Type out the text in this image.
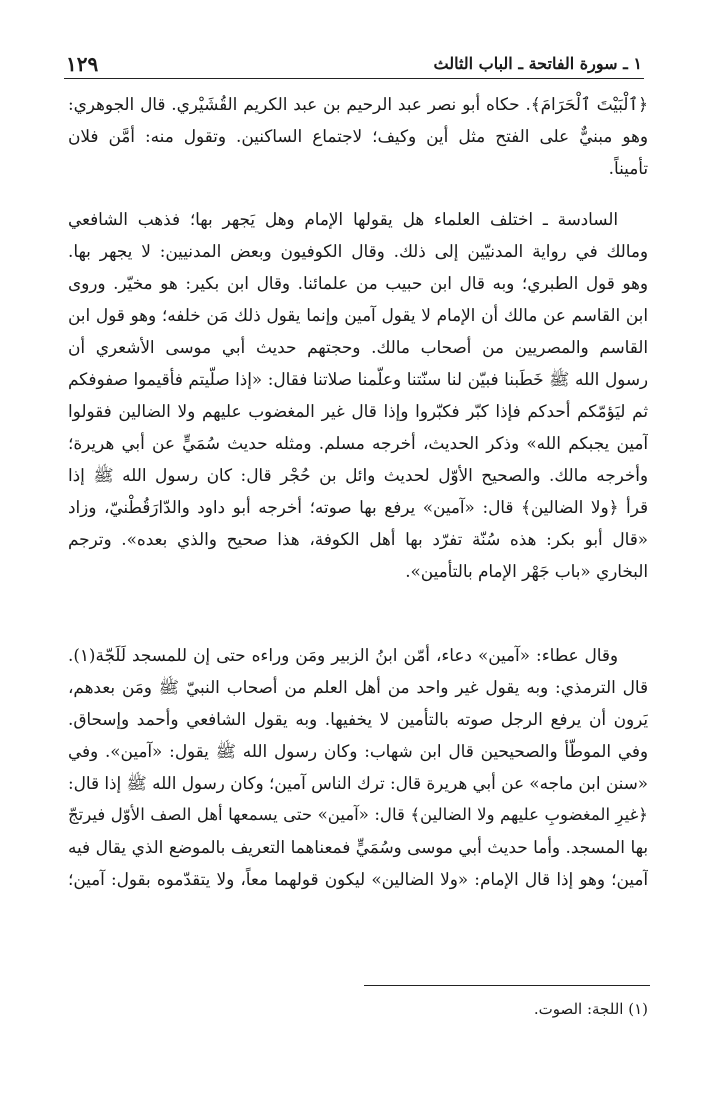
١ ـ سورة الفاتحة ـ الباب الثالث
١٢٩
﴿ٱلْبَيْتَ ٱلْحَرَامَ﴾. حكاه أبو نصر عبد الرحيم بن عبد الكريم القُشَيْري. قال الجوهري:
وهو مبنيٌّ على الفتح مثل أين وكيف؛ لاجتماع الساكنين. وتقول منه: أمَّن فلان
تأميناً.
السادسة ـ اختلف العلماء هل يقولها الإمام وهل يَجهر بها؛ فذهب الشافعي
ومالك في رواية المدنيّين إلى ذلك. وقال الكوفيون وبعض المدنيين: لا يجهر بها.
وهو قول الطبري؛ وبه قال ابن حبيب من علمائنا. وقال ابن بكير: هو مخيّر. وروى
ابن القاسم عن مالك أن الإمام لا يقول آمين وإنما يقول ذلك مَن خلفه؛ وهو قول ابن
القاسم والمصريين من أصحاب مالك. وحجتهم حديث أبي موسى الأشعري أن
رسول الله ﷺ خَطَبنا فبيّن لنا سنّتنا وعلّمنا صلاتنا فقال: «إذا صلّيتم فأقيموا صفوفكم
ثم ليَؤمّكم أحدكم فإذا كبّر فكبّروا وإذا قال غير المغضوب عليهم ولا الضالين فقولوا
آمين يجبكم الله» وذكر الحديث، أخرجه مسلم. ومثله حديث سُمَيٍّ عن أبي هريرة؛
وأخرجه مالك. والصحيح الأوّل لحديث وائل بن حُجْر قال: كان رسول الله ﷺ إذا
قرأ ﴿ولا الضالين﴾ قال: «آمين» يرفع بها صوته؛ أخرجه أبو داود والدّارَقُطْنيّ، وزاد
«قال أبو بكر: هذه سُنّة تفرّد بها أهل الكوفة، هذا صحيح والذي بعده». وترجم
البخاري «باب جَهْر الإمام بالتأمين».
وقال عطاء: «آمين» دعاء، أمّن ابنُ الزبير ومَن وراءه حتى إن للمسجد لَلَجّة(١).
قال الترمذي: وبه يقول غير واحد من أهل العلم من أصحاب النبيّ ﷺ ومَن بعدهم،
يَرون أن يرفع الرجل صوته بالتأمين لا يخفيها. وبه يقول الشافعي وأحمد وإسحاق.
وفي الموطّأ والصحيحين قال ابن شهاب: وكان رسول الله ﷺ يقول: «آمين». وفي
«سنن ابن ماجه» عن أبي هريرة قال: ترك الناس آمين؛ وكان رسول الله ﷺ إذا قال:
﴿غيرِ المغضوبِ عليهم ولا الضالين﴾ قال: «آمين» حتى يسمعها أهل الصف الأوّل فيرتجّ
بها المسجد. وأما حديث أبي موسى وسُمَيٍّ فمعناهما التعريف بالموضع الذي يقال فيه
آمين؛ وهو إذا قال الإمام: «ولا الضالين» ليكون قولهما معاً، ولا يتقدّموه بقول: آمين؛
(١) اللجة: الصوت.
